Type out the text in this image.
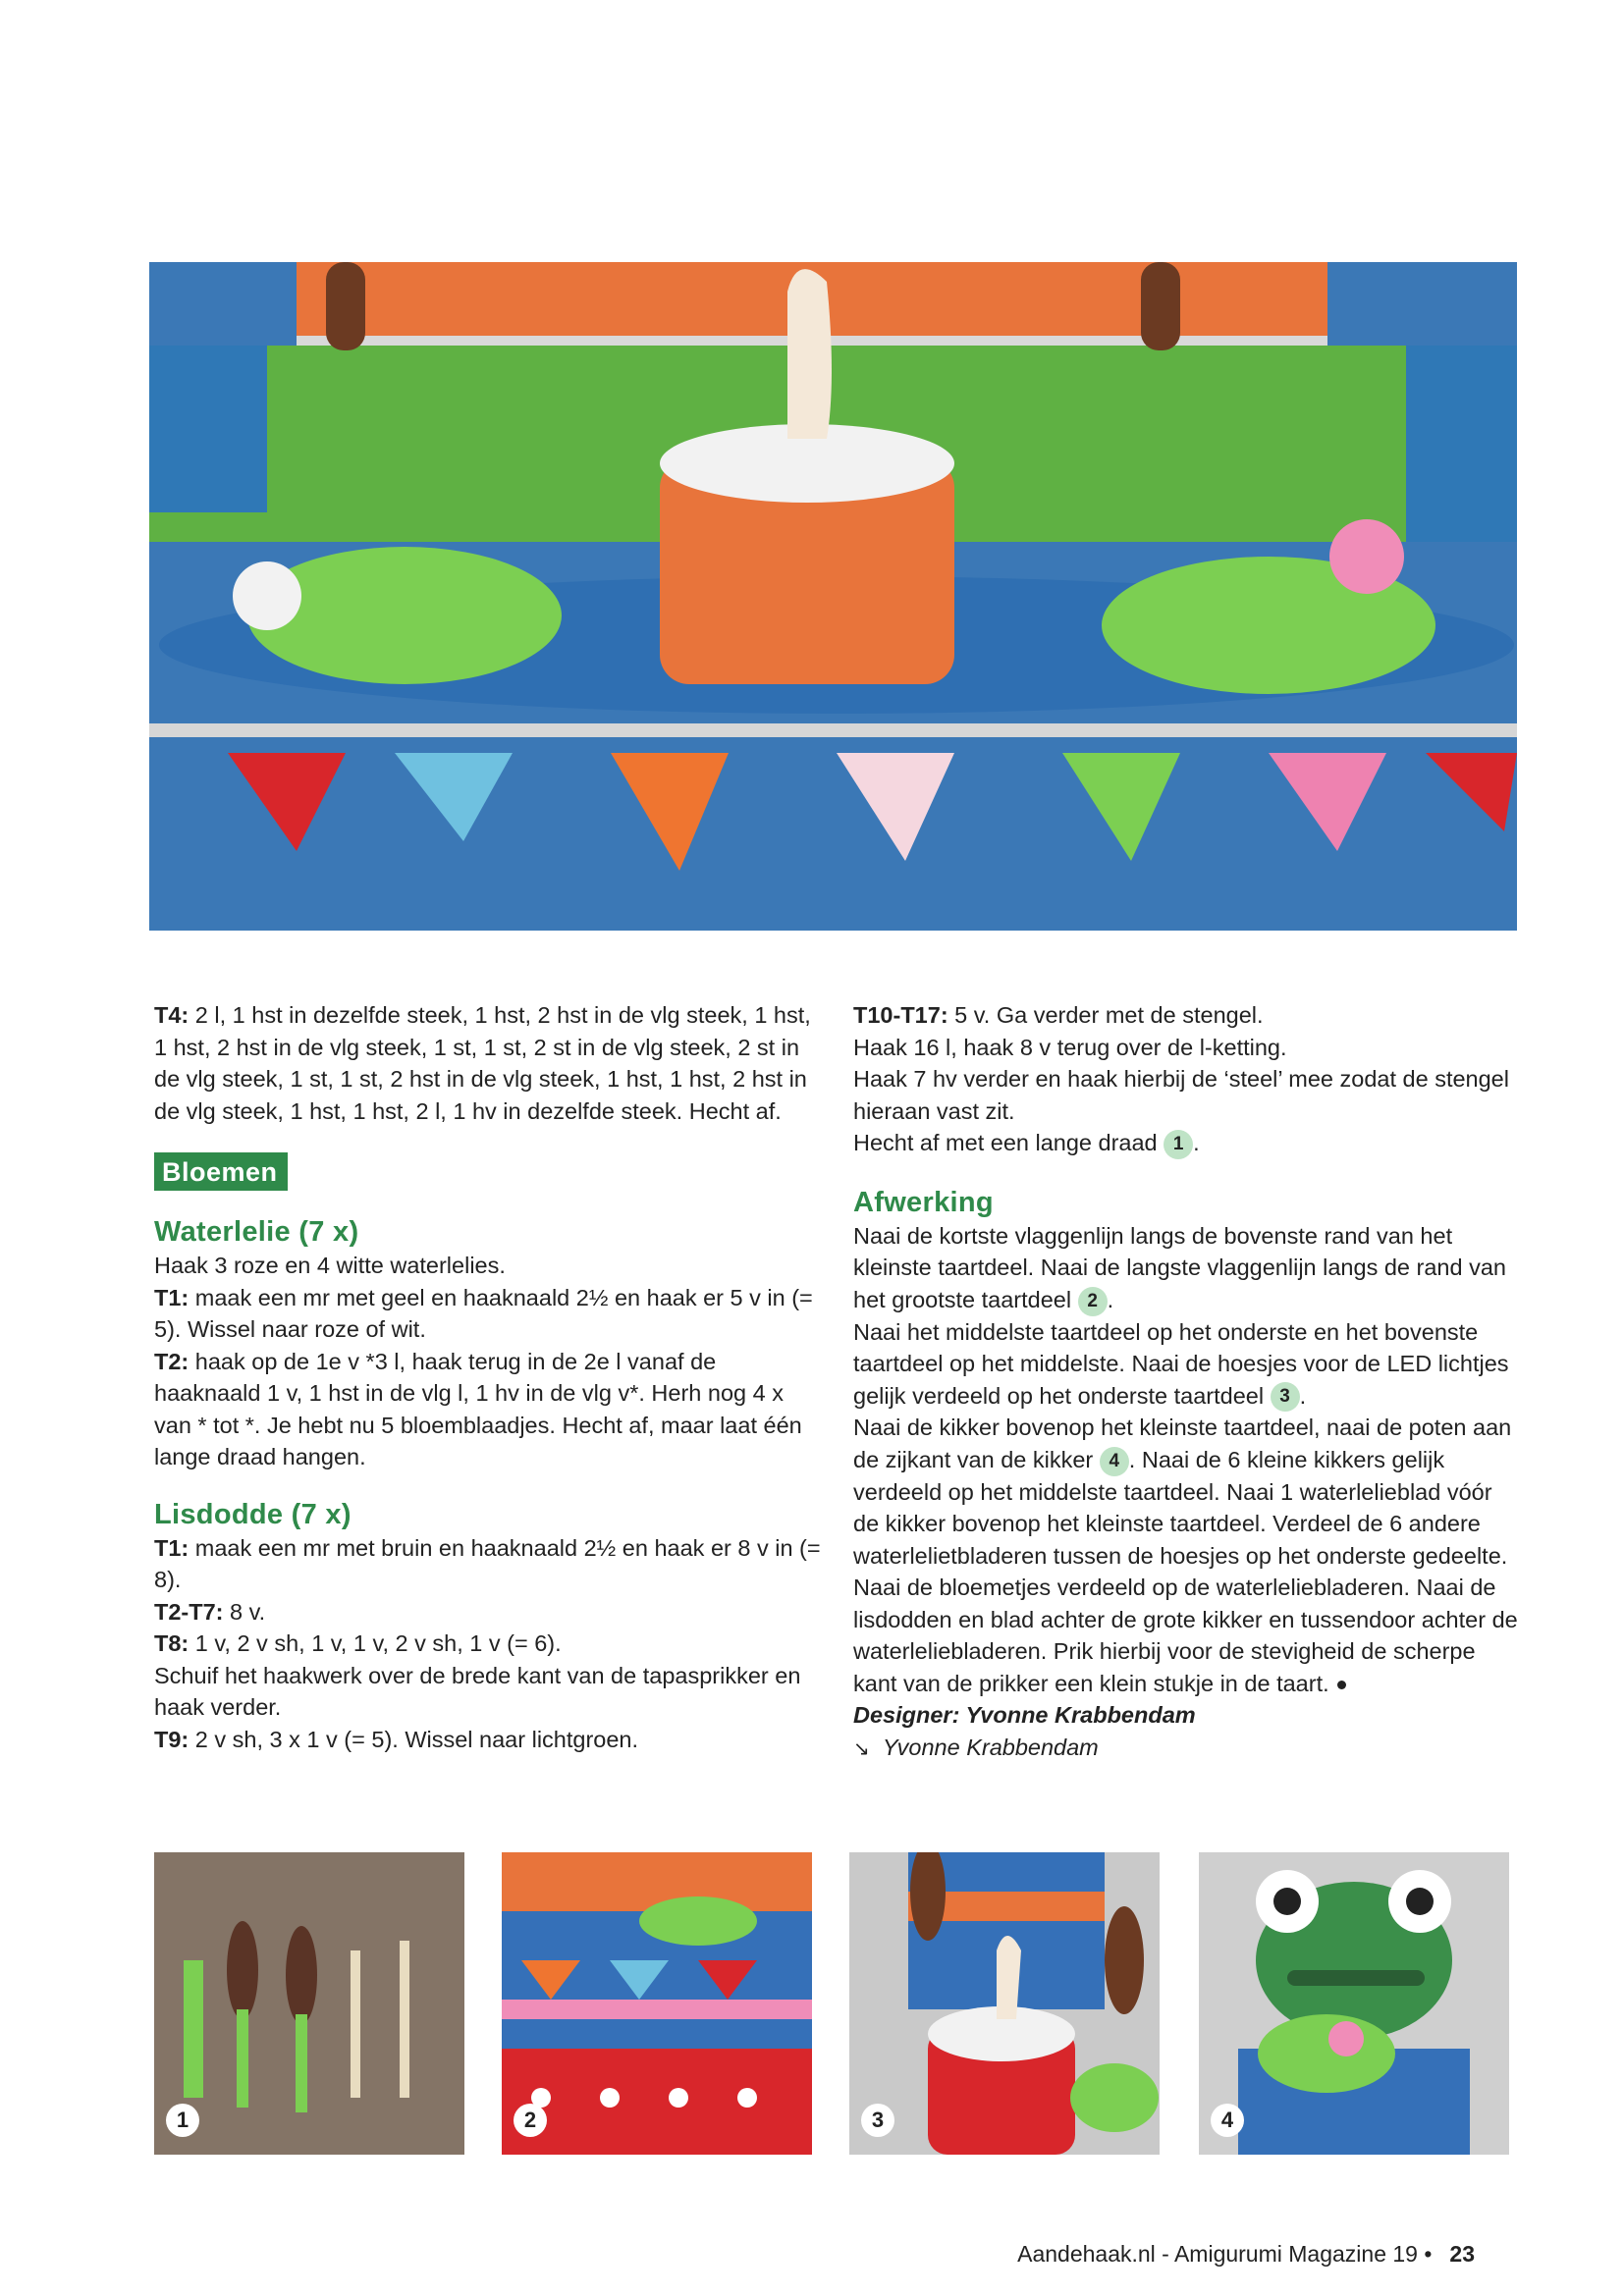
T4: 2 l, 1 hst in dezelfde steek, 1 hst, 2 hst in de vlg steek, 1 hst, 1 hst, 2 hst in de vlg steek, 1 st, 1 st, 2 st in de vlg steek, 2 st in de vlg steek, 1 st, 1 st, 2 hst in de vlg steek, 1 hst, 1 hst, 2 hst in de vlg steek, 1 hst, 1 hst, 2 l, 1 hv in dezelfde steek. Hecht af.

Bloemen

Waterlelie (7 x)

Haak 3 roze en 4 witte waterlelies.

T1: maak een mr met geel en haaknaald 2½ en haak er 5 v in (= 5). Wissel naar roze of wit.

T2: haak op de 1e v *3 l, haak terug in de 2e l vanaf de haaknaald 1 v, 1 hst in de vlg l, 1 hv in de vlg v*. Herh nog 4 x van * tot *. Je hebt nu 5 bloemblaadjes. Hecht af, maar laat één lange draad hangen.

Lisdodde (7 x)

T1: maak een mr met bruin en haaknaald 2½ en haak er 8 v in (= 8).

T2-T7: 8 v.

T8: 1 v, 2 v sh, 1 v, 1 v, 2 v sh, 1 v (= 6).

Schuif het haakwerk over de brede kant van de tapasprikker en haak verder.

T9: 2 v sh, 3 x 1 v (= 5). Wissel naar lichtgroen.

T10-T17: 5 v. Ga verder met de stengel.

Haak 16 l, haak 8 v terug over de l-ketting.

Haak 7 hv verder en haak hierbij de ‘steel’ mee zodat de stengel hieraan vast zit.

Hecht af met een lange draad 1 .

Afwerking

Naai de kortste vlaggenlijn langs de bovenste rand van het kleinste taartdeel. Naai de langste vlaggenlijn langs de rand van het grootste taartdeel 2 .

Naai het middelste taartdeel op het onderste en het bovenste taartdeel op het middelste. Naai de hoesjes voor de LED lichtjes gelijk verdeeld op het onderste taartdeel 3 .

Naai de kikker bovenop het kleinste taartdeel, naai de poten aan de zijkant van de kikker 4 . Naai de 6 kleine kikkers gelijk verdeeld op het middelste taartdeel. Naai 1 waterlelieblad vóór de kikker bovenop het kleinste taartdeel. Verdeel de 6 andere waterlelietbladeren tussen de hoesjes op het onderste gedeelte. Naai de bloemetjes verdeeld op de waterleliebladeren. Naai de lisdodden en blad achter de grote kikker en tussendoor achter de waterleliebladeren. Prik hierbij voor de stevigheid de scherpe kant van de prikker een klein stukje in de taart.

Designer: Yvonne Krabbendam

↘ Yvonne Krabbendam

1	2	3	4
Aandehaak.nl - Amigurumi Magazine 19 • 23
